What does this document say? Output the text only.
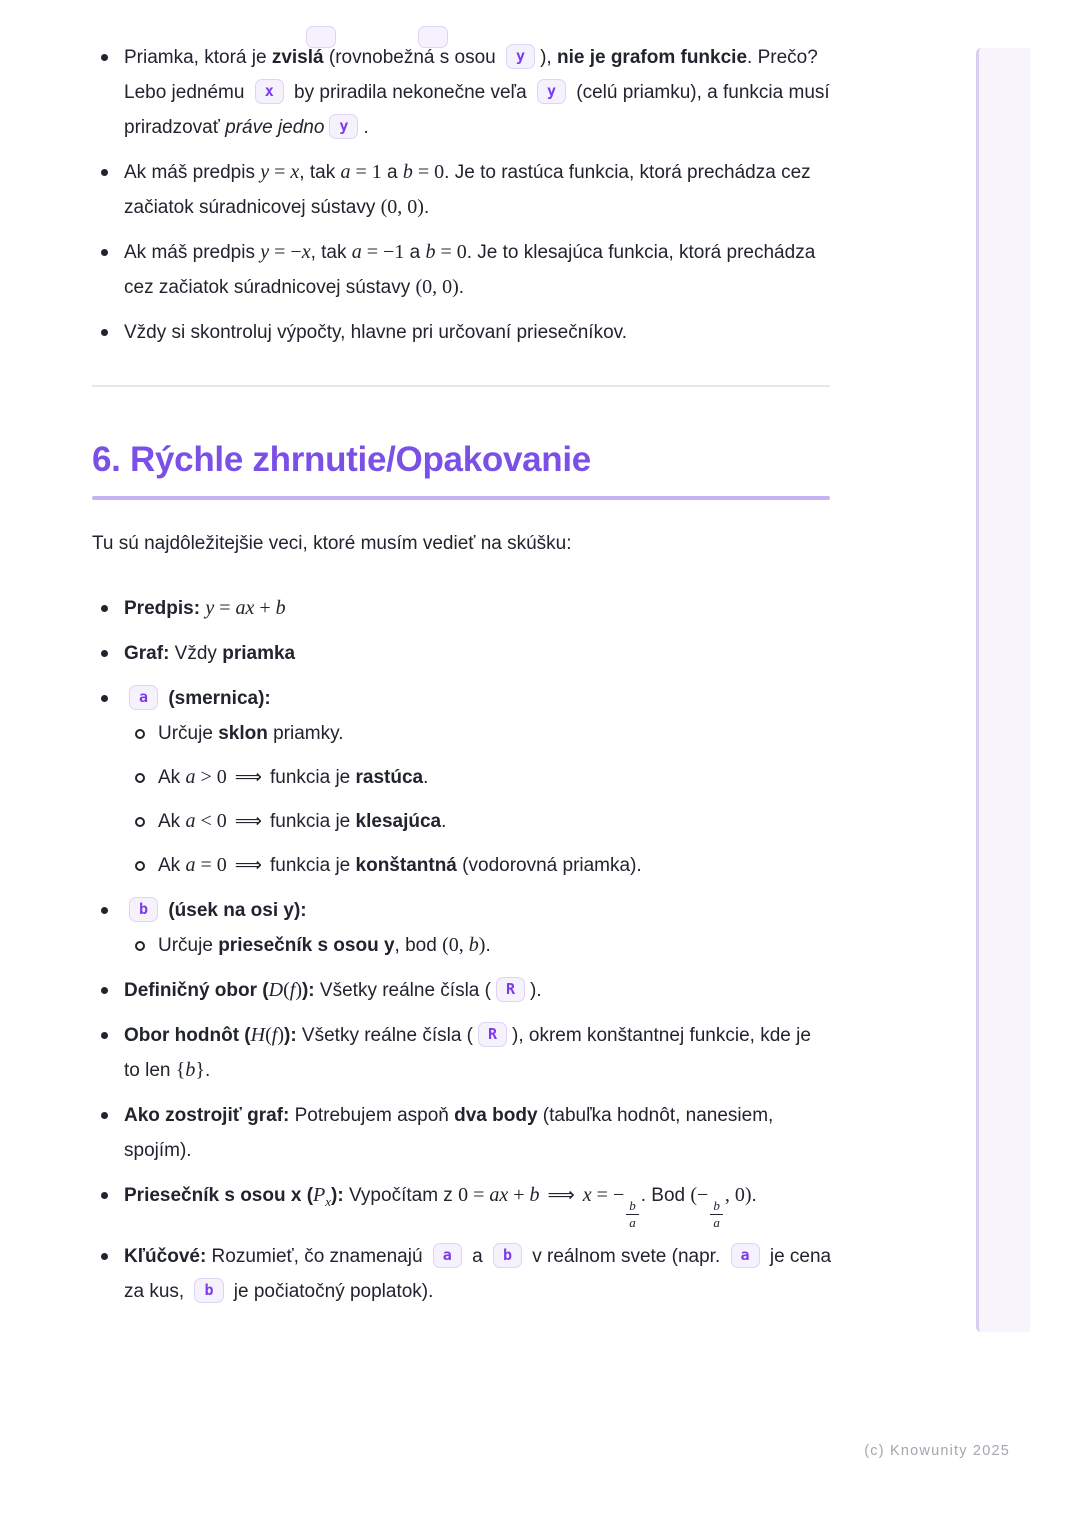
Priamka, ktorá je zvislá (rovnobežná s osou y ), nie je grafom funkcie. Prečo? Lebo jednému x by priradila nekonečne veľa y (celú priamku), a funkcia musí priradzovať práve jedno y .
Ak máš predpis y = x, tak a = 1 a b = 0. Je to rastúca funkcia, ktorá prechádza cez začiatok súradnicovej sústavy (0, 0).
Ak máš predpis y = −x, tak a = −1 a b = 0. Je to klesajúca funkcia, ktorá prechádza cez začiatok súradnicovej sústavy (0, 0).
Vždy si skontroluj výpočty, hlavne pri určovaní priesečníkov.
6. Rýchle zhrnutie/Opakovanie

Tu sú najdôležitejšie veci, ktoré musím vedieť na skúšku:

Predpis: y = ax + b
Graf: Vždy priamka
a (smernica):
Určuje sklon priamky.
Ak a > 0 ⟹ funkcia je rastúca.
Ak a < 0 ⟹ funkcia je klesajúca.
Ak a = 0 ⟹ funkcia je konštantná (vodorovná priamka).
b (úsek na osi y):
Určuje priesečník s osou y, bod (0, b).
Definičný obor (D(f)): Všetky reálne čísla ( R ).
Obor hodnôt (H(f)): Všetky reálne čísla ( R ), okrem konštantnej funkcie, kde je to len {b}.
Ako zostrojiť graf: Potrebujem aspoň dva body (tabuľka hodnôt, nanesiem, spojím).
Priesečník s osou x $(P_x)$: Vypočítam z 0 = ax + b ⟹ x = −
$\frac{b}{a}$
. Bod (−
$\frac{b}{a}$
, 0).
Kľúčové: Rozumieť, čo znamenajú a a b v reálnom svete (napr. a je cena za kus, b je počiatočný poplatok).
(c) Knowunity 2025
